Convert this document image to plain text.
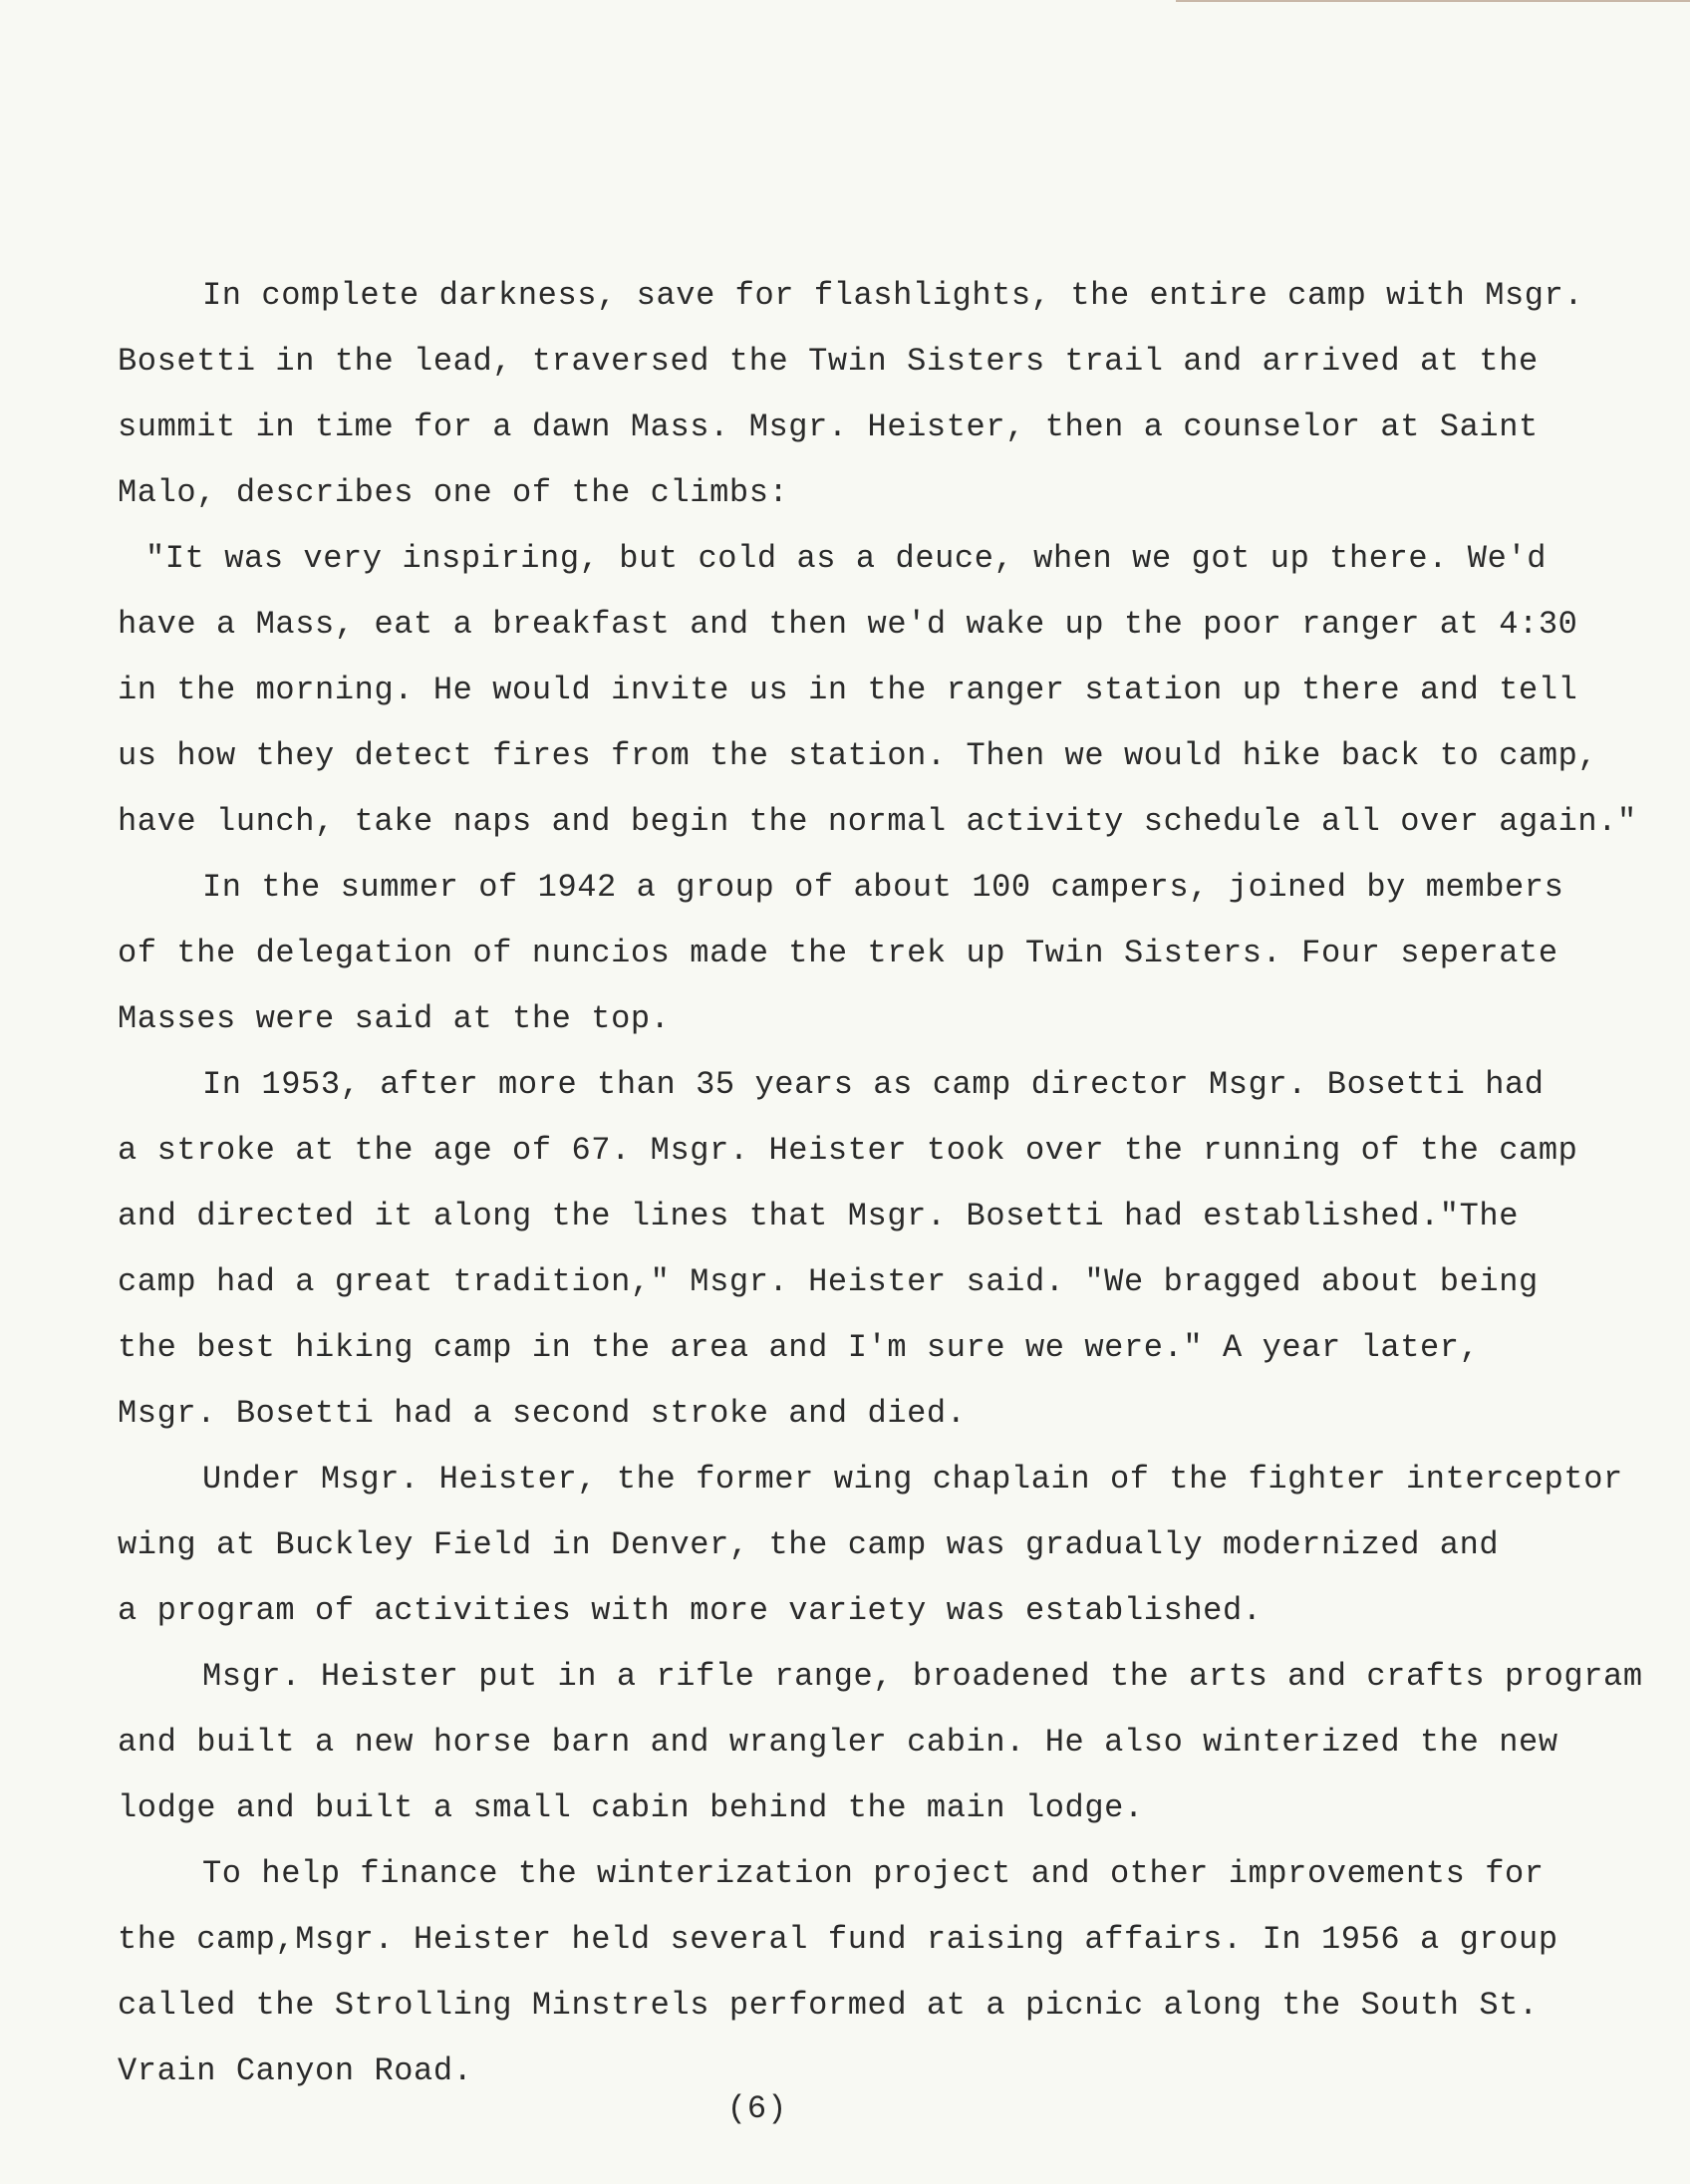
In complete darkness, save for flashlights, the entire camp with Msgr.
Bosetti in the lead, traversed the Twin Sisters trail and arrived at the
summit in time for a dawn Mass. Msgr. Heister, then a counselor at Saint
Malo, describes one of the climbs:
"It was very inspiring, but cold as a deuce, when we got up there. We'd
have a Mass, eat a breakfast and then we'd wake up the poor ranger at 4:30
in the morning. He would invite us in the ranger station up there and tell
us how they detect fires from the station. Then we would hike back to camp,
have lunch, take naps and begin the normal activity schedule all over again."
In the summer of 1942 a group of about 100 campers, joined by members
of the delegation of nuncios made the trek up Twin Sisters. Four seperate
Masses were said at the top.
In 1953, after more than 35 years as camp director Msgr. Bosetti had
a stroke at the age of 67. Msgr. Heister took over the running of the camp
and directed it along the lines that Msgr. Bosetti had established."The
camp had a great tradition," Msgr. Heister said. "We bragged about being
the best hiking camp in the area and I'm sure we were." A year later,
Msgr. Bosetti had a second stroke and died.
Under Msgr. Heister, the former wing chaplain of the fighter interceptor
wing at Buckley Field in Denver, the camp was gradually modernized and
a program of activities with more variety was established.
Msgr. Heister put in a rifle range, broadened the arts and crafts program
and built a new horse barn and wrangler cabin. He also winterized the new
lodge and built a small cabin behind the main lodge.
To help finance the winterization project and other improvements for
the camp,Msgr. Heister held several fund raising affairs. In 1956 a group
called the Strolling Minstrels performed at a picnic along the South St.
Vrain Canyon Road.
(6)
